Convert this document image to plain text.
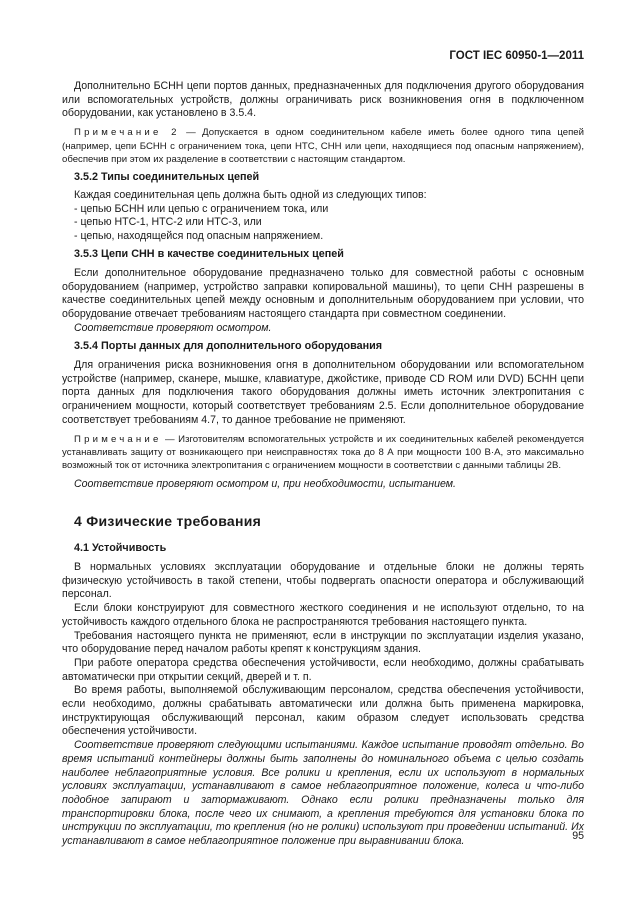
ГОСТ IEC 60950-1—2011

Дополнительно БСНН цепи портов данных, предназначенных для подключения другого оборудования или вспомогательных устройств, должны ограничивать риск возникновения огня в подключенном оборудовании, как установлено в 3.5.4.

Примечание 2 — Допускается в одном соединительном кабеле иметь более одного типа цепей (например, цепи БСНН с ограничением тока, цепи НТС, СНН или цепи, находящиеся под опасным напряжением), обеспечив при этом их разделение в соответствии с настоящим стандартом.

3.5.2 Типы соединительных цепей

Каждая соединительная цепь должна быть одной из следующих типов:

- цепью БСНН или цепью с ограничением тока, или

- цепью НТС-1, НТС-2 или НТС-3, или

- цепью, находящейся под опасным напряжением.

3.5.3 Цепи СНН в качестве соединительных цепей

Если дополнительное оборудование предназначено только для совместной работы с основным оборудованием (например, устройство заправки копировальной машины), то цепи СНН разрешены в качестве соединительных цепей между основным и дополнительным оборудованием при условии, что оборудование отвечает требованиям настоящего стандарта при совместном соединении.

Соответствие проверяют осмотром.

3.5.4 Порты данных для дополнительного оборудования

Для ограничения риска возникновения огня в дополнительном оборудовании или вспомогательном устройстве (например, сканере, мышке, клавиатуре, джойстике, приводе CD ROM или DVD) БСНН цепи порта данных для подключения такого оборудования должны иметь источник электропитания с ограничением мощности, который соответствует требованиям 2.5. Если дополнительное оборудование соответствует требованиям 4.7, то данное требование не применяют.

Примечание — Изготовителям вспомогательных устройств и их соединительных кабелей рекомендуется устанавливать защиту от возникающего при неисправностях тока до 8 А при мощности 100 В·А, это максимально возможный ток от источника электропитания с ограничением мощности в соответствии с данными таблицы 2В.

Соответствие проверяют осмотром и, при необходимости, испытанием.

4 Физические требования
4.1 Устойчивость

В нормальных условиях эксплуатации оборудование и отдельные блоки не должны терять физическую устойчивость в такой степени, чтобы подвергать опасности оператора и обслуживающий персонал.

Если блоки конструируют для совместного жесткого соединения и не используют отдельно, то на устойчивость каждого отдельного блока не распространяются требования настоящего пункта.

Требования настоящего пункта не применяют, если в инструкции по эксплуатации изделия указано, что оборудование перед началом работы крепят к конструкциям здания.

При работе оператора средства обеспечения устойчивости, если необходимо, должны срабатывать автоматически при открытии секций, дверей и т. п.

Во время работы, выполняемой обслуживающим персоналом, средства обеспечения устойчивости, если необходимо, должны срабатывать автоматически или должна быть применена маркировка, инструктирующая обслуживающий персонал, каким образом следует использовать средства обеспечения устойчивости.

Соответствие проверяют следующими испытаниями. Каждое испытание проводят отдельно. Во время испытаний контейнеры должны быть заполнены до номинального объема с целью создать наиболее неблагоприятные условия. Все ролики и крепления, если их используют в нормальных условиях эксплуатации, устанавливают в самое неблагоприятное положение, колеса и что-либо подобное запирают и затормаживают. Однако если ролики предназначены только для транспортировки блока, после чего их снимают, а крепления требуются для установки блока по инструкции по эксплуатации, то крепления (но не ролики) используют при проведении испытаний. Их устанавливают в самое неблагоприятное положение при выравнивании блока.	95
